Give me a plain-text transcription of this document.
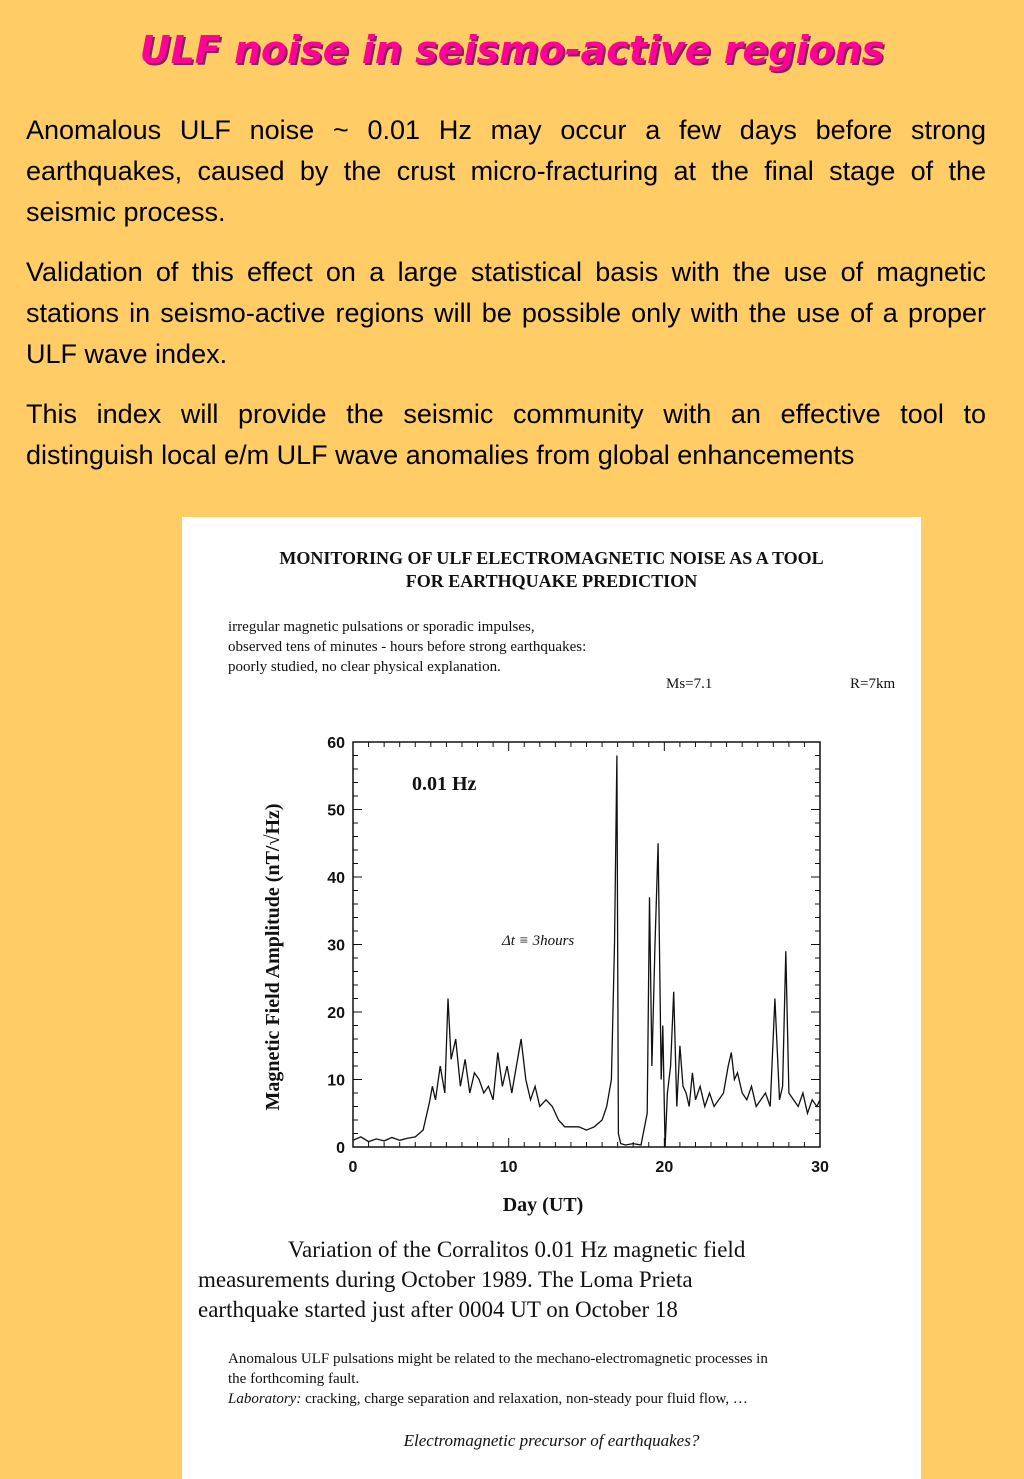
ULF noise in seismo-active regions
Anomalous ULF noise ~ 0.01 Hz may occur a few days before strong earthquakes, caused by the crust micro-fracturing at the final stage of the seismic process.
Validation of this effect on a large statistical basis with the use of magnetic stations in seismo-active regions will be possible only with the use of a proper ULF wave index.
This index will provide the seismic community with an effective tool to distinguish local e/m ULF wave anomalies from global enhancements
MONITORING OF ULF ELECTROMAGNETIC NOISE AS A TOOL
FOR EARTHQUAKE PREDICTION
irregular magnetic pulsations or sporadic impulses,
observed tens of minutes - hours before strong earthquakes:
poorly studied, no clear physical explanation.
Ms=7.1	R=7km
0	10	20	30
0
10
20
30
40
50
60
0.01 Hz
Δt ≡ 3hours
Day (UT)
Magnetic Field Amplitude (nT/√Hz)
Variation of the Corralitos 0.01 Hz magnetic field
measurements during October 1989. The Loma Prieta
earthquake started just after 0004 UT on October 18
Anomalous ULF pulsations might be related to the mechano-electromagnetic processes in
the forthcoming fault.
Laboratory: cracking, charge separation and relaxation, non-steady pour fluid flow, …
Electromagnetic precursor of earthquakes?
